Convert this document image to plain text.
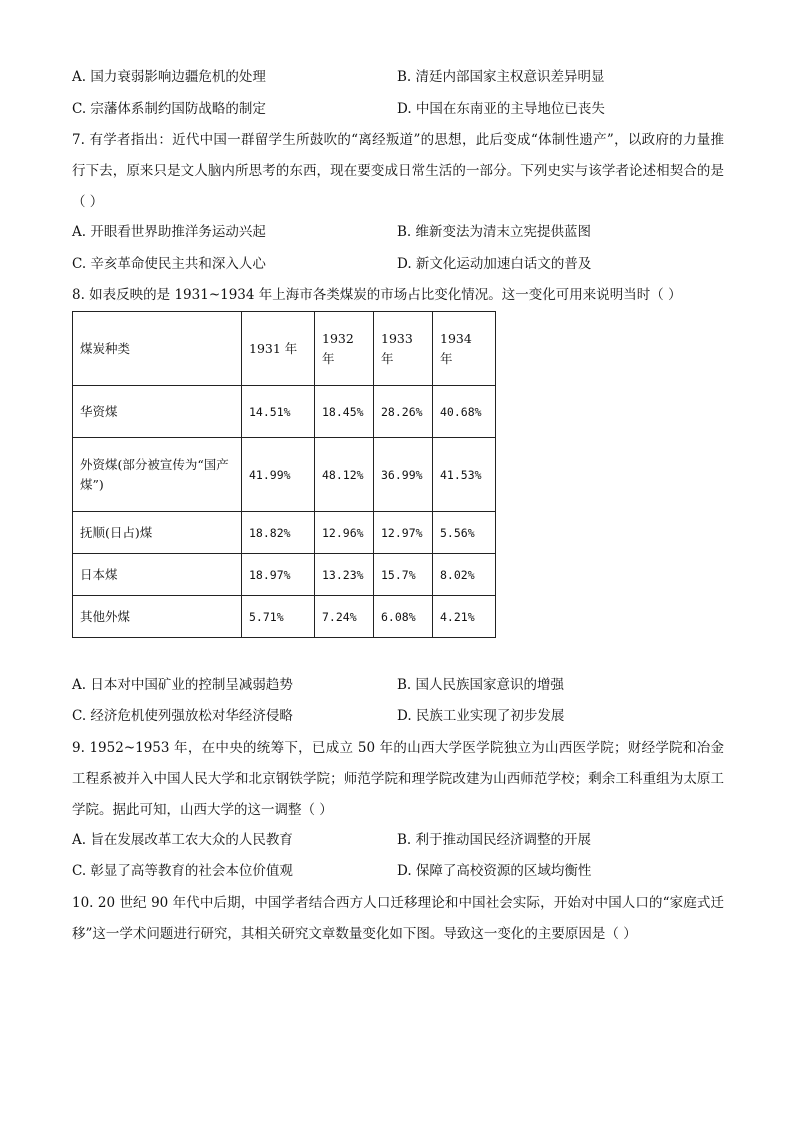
A. 国力衰弱影响边疆危机的处理	B. 清廷内部国家主权意识差异明显
C. 宗藩体系制约国防战略的制定	D. 中国在东南亚的主导地位已丧失
7. 有学者指出：近代中国一群留学生所鼓吹的“离经叛道”的思想，此后变成“体制性遗产”，以政府的力量推行下去，原来只是文人脑内所思考的东西，现在要变成日常生活的一部分。下列史实与该学者论述相契合的是（ ）
A. 开眼看世界助推洋务运动兴起	B. 维新变法为清末立宪提供蓝图
C. 辛亥革命使民主共和深入人心	D. 新文化运动加速白话文的普及
8. 如表反映的是 1931~1934 年上海市各类煤炭的市场占比变化情况。这一变化可用来说明当时（ ）
煤炭种类	1931 年	1932 年	1933 年	1934 年
华资煤	14.51%	18.45%	28.26%	40.68%
外资煤(部分被宣传为“国产煤”)	41.99%	48.12%	36.99%	41.53%
抚顺(日占)煤	18.82%	12.96%	12.97%	5.56%
日本煤	18.97%	13.23%	15.7%	8.02%
其他外煤	5.71%	7.24%	6.08%	4.21%
A. 日本对中国矿业的控制呈减弱趋势	B. 国人民族国家意识的增强
C. 经济危机使列强放松对华经济侵略	D. 民族工业实现了初步发展
9. 1952~1953 年，在中央的统筹下，已成立 50 年的山西大学医学院独立为山西医学院；财经学院和冶金工程系被并入中国人民大学和北京钢铁学院；师范学院和理学院改建为山西师范学校；剩余工科重组为太原工学院。据此可知，山西大学的这一调整（ ）
A. 旨在发展改革工农大众的人民教育	B. 利于推动国民经济调整的开展
C. 彰显了高等教育的社会本位价值观	D. 保障了高校资源的区域均衡性
10. 20 世纪 90 年代中后期，中国学者结合西方人口迁移理论和中国社会实际，开始对中国人口的“家庭式迁移”这一学术问题进行研究，其相关研究文章数量变化如下图。导致这一变化的主要原因是（ ）
